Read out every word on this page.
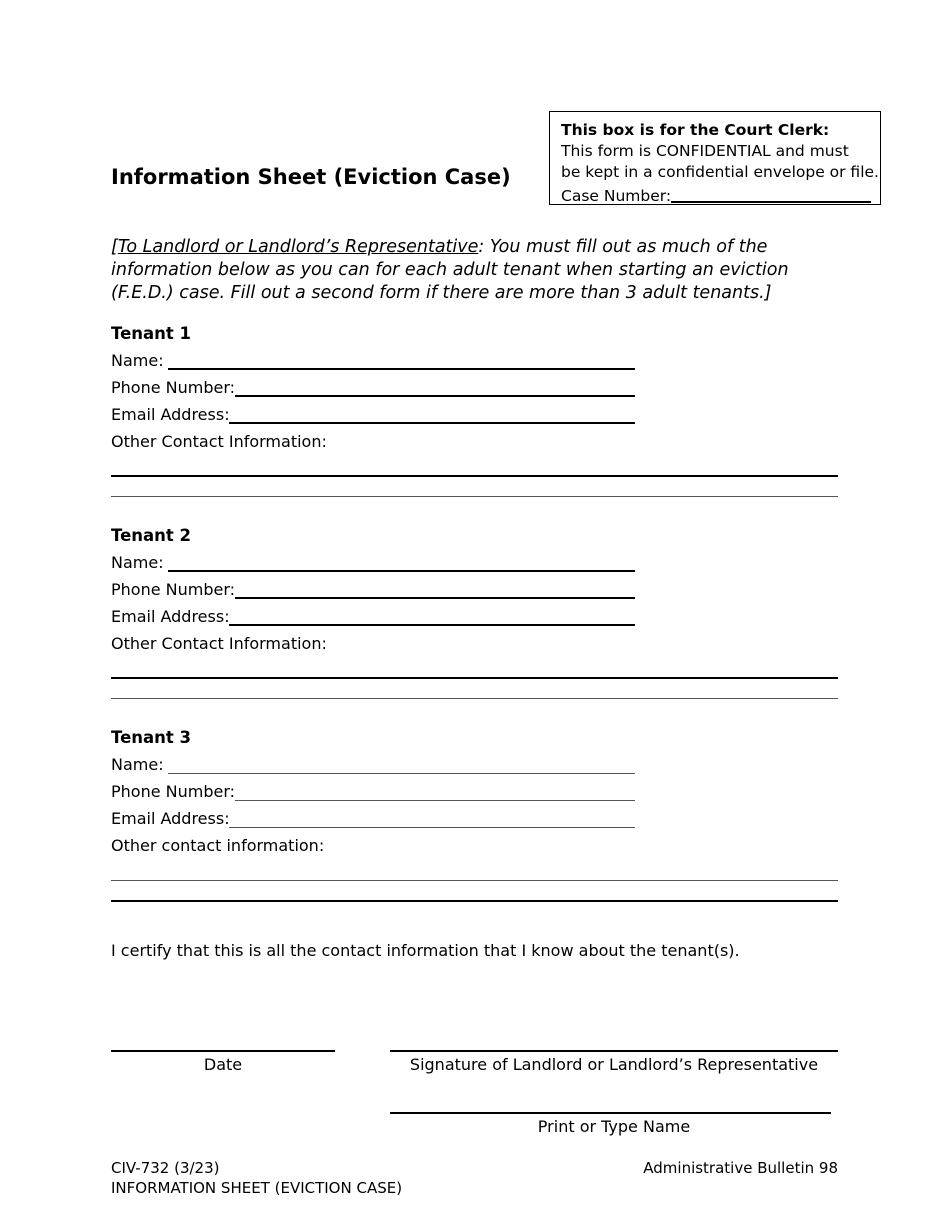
Information Sheet (Eviction Case)
This box is for the Court Clerk:
This form is CONFIDENTIAL and must
be kept in a confidential envelope or file.
Case Number:
[To Landlord or Landlord’s Representative: You must fill out as much of the information below as you can for each adult tenant when starting an eviction (F.E.D.) case. Fill out a second form if there are more than 3 adult tenants.]
Tenant 1
Name:
Phone Number:
Email Address:
Other Contact Information:
Tenant 2
Name:
Phone Number:
Email Address:
Other Contact Information:
Tenant 3
Name:
Phone Number:
Email Address:
Other contact information:
I certify that this is all the contact information that I know about the tenant(s).
Date	Signature of Landlord or Landlord’s Representative
Print or Type Name
CIV-732 (3/23)
INFORMATION SHEET (EVICTION CASE)
Administrative Bulletin 98
